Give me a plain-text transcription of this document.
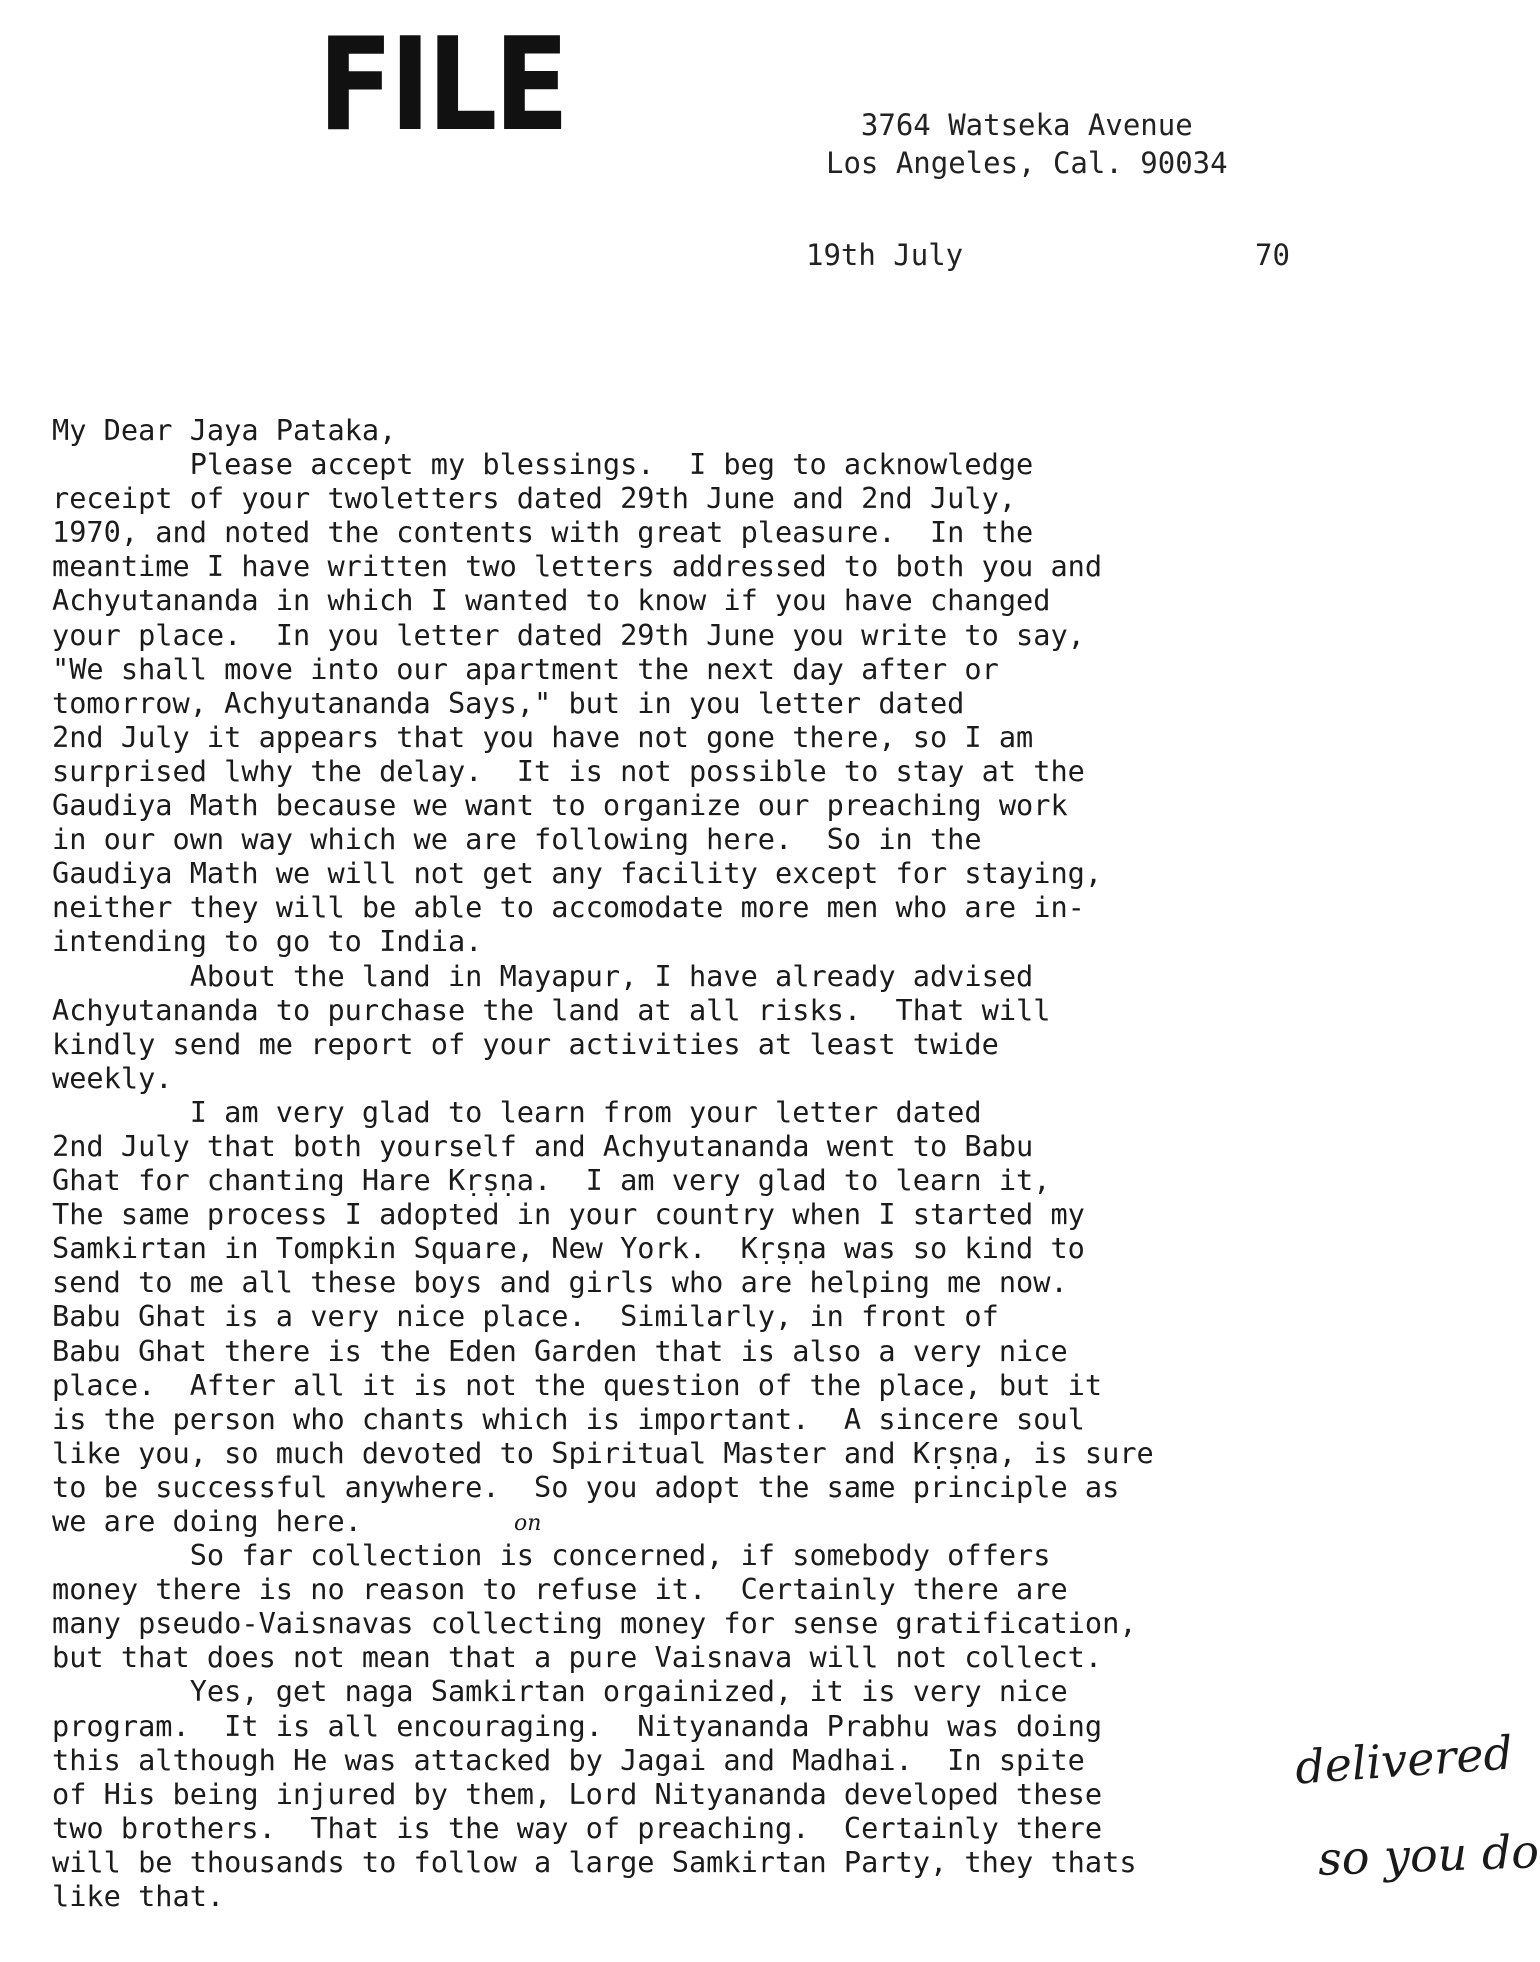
FILE	3764 Watseka Avenue
Los Angeles, Cal. 90034
19th July	70
My Dear Jaya Pataka,
Please accept my blessings.  I beg to acknowledge
receipt of your twoletters dated 29th June and 2nd July,
1970, and noted the contents with great pleasure.  In the
meantime I have written two letters addressed to both you and
Achyutananda in which I wanted to know if you have changed
your place.  In you letter dated 29th June you write to say,
"We shall move into our apartment the next day after or
tomorrow, Achyutananda Says," but in you letter dated
2nd July it appears that you have not gone there, so I am
surprised lwhy the delay.  It is not possible to stay at the
Gaudiya Math because we want to organize our preaching work
in our own way which we are following here.  So in the
Gaudiya Math we will not get any facility except for staying,
neither they will be able to accomodate more men who are in-
intending to go to India.
About the land in Mayapur, I have already advised
Achyutananda to purchase the land at all risks.  That will
kindly send me report of your activities at least twide
weekly.
I am very glad to learn from your letter dated
2nd July that both yourself and Achyutananda went to Babu
Ghat for chanting Hare Kṛṣṇa.  I am very glad to learn it,
The same process I adopted in your country when I started my
Samkirtan in Tompkin Square, New York.  Kṛṣṇa was so kind to
send to me all these boys and girls who are helping me now.
Babu Ghat is a very nice place.  Similarly, in front of
Babu Ghat there is the Eden Garden that is also a very nice
place.  After all it is not the question of the place, but it
is the person who chants which is important.  A sincere soul
like you, so much devoted to Spiritual Master and Kṛṣṇa, is sure
to be successful anywhere.  So you adopt the same principle as
we are doing here.
So far collection is concerned, if somebody offers
money there is no reason to refuse it.  Certainly there are
many pseudo-Vaisnavas collecting money for sense gratification,
but that does not mean that a pure Vaisnava will not collect.
Yes, get naga Samkirtan orgainized, it is very nice
program.  It is all encouraging.  Nityananda Prabhu was doing
this although He was attacked by Jagai and Madhai.  In spite
of His being injured by them, Lord Nityananda developed these
two brothers.  That is the way of preaching.  Certainly there
will be thousands to follow a large Samkirtan Party, they thats
like that.
on
delivered
so you do
